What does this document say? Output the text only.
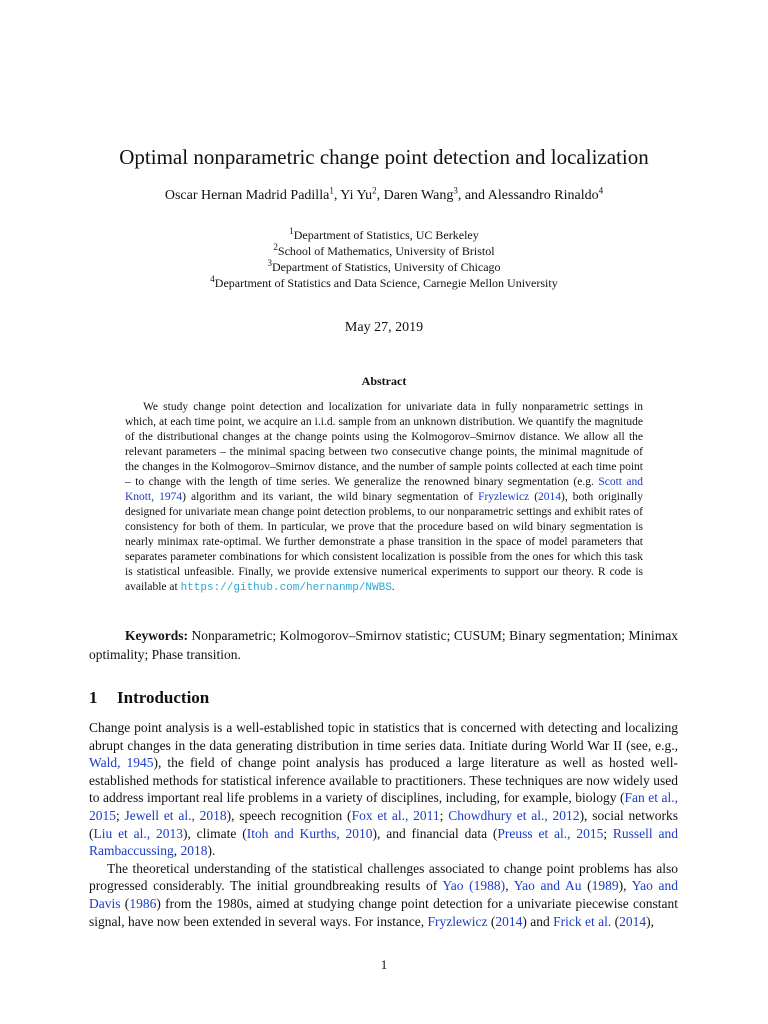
Optimal nonparametric change point detection and localization
Oscar Hernan Madrid Padilla$^1$, Yi Yu$^2$, Daren Wang$^3$, and Alessandro Rinaldo$^4$
$^1$Department of Statistics, UC Berkeley
$^2$School of Mathematics, University of Bristol
$^3$Department of Statistics, University of Chicago
$^4$Department of Statistics and Data Science, Carnegie Mellon University
May 27, 2019
Abstract

We study change point detection and localization for univariate data in fully nonparametric settings in which, at each time point, we acquire an i.i.d. sample from an unknown distribution. We quantify the magnitude of the distributional changes at the change points using the Kolmogorov–Smirnov distance. We allow all the relevant parameters – the minimal spacing between two consecutive change points, the minimal magnitude of the changes in the Kolmogorov–Smirnov distance, and the number of sample points collected at each time point – to change with the length of time series. We generalize the renowned binary segmentation (e.g. Scott and Knott, 1974) algorithm and its variant, the wild binary segmentation of Fryzlewicz (2014), both originally designed for univariate mean change point detection problems, to our nonparametric settings and exhibit rates of consistency for both of them. In particular, we prove that the procedure based on wild binary segmentation is nearly minimax rate-optimal. We further demonstrate a phase transition in the space of model parameters that separates parameter combinations for which consistent localization is possible from the ones for which this task is statistical unfeasible. Finally, we provide extensive numerical experiments to support our theory. R code is available at https://github.com/hernanmp/NWBS.

Keywords: Nonparametric; Kolmogorov–Smirnov statistic; CUSUM; Binary segmentation; Minimax optimality; Phase transition.

1 Introduction

Change point analysis is a well-established topic in statistics that is concerned with detecting and localizing abrupt changes in the data generating distribution in time series data. Initiate during World War II (see, e.g., Wald, 1945), the field of change point analysis has produced a large literature as well as hosted well-established methods for statistical inference available to practitioners. These techniques are now widely used to address important real life problems in a variety of disciplines, including, for example, biology (Fan et al., 2015; Jewell et al., 2018), speech recognition (Fox et al., 2011; Chowdhury et al., 2012), social networks (Liu et al., 2013), climate (Itoh and Kurths, 2010), and financial data (Preuss et al., 2015; Russell and Rambaccussing, 2018).

The theoretical understanding of the statistical challenges associated to change point problems has also progressed considerably. The initial groundbreaking results of Yao (1988), Yao and Au (1989), Yao and Davis (1986) from the 1980s, aimed at studying change point detection for a univariate piecewise constant signal, have now been extended in several ways. For instance, Fryzlewicz (2014) and Frick et al. (2014),

1
